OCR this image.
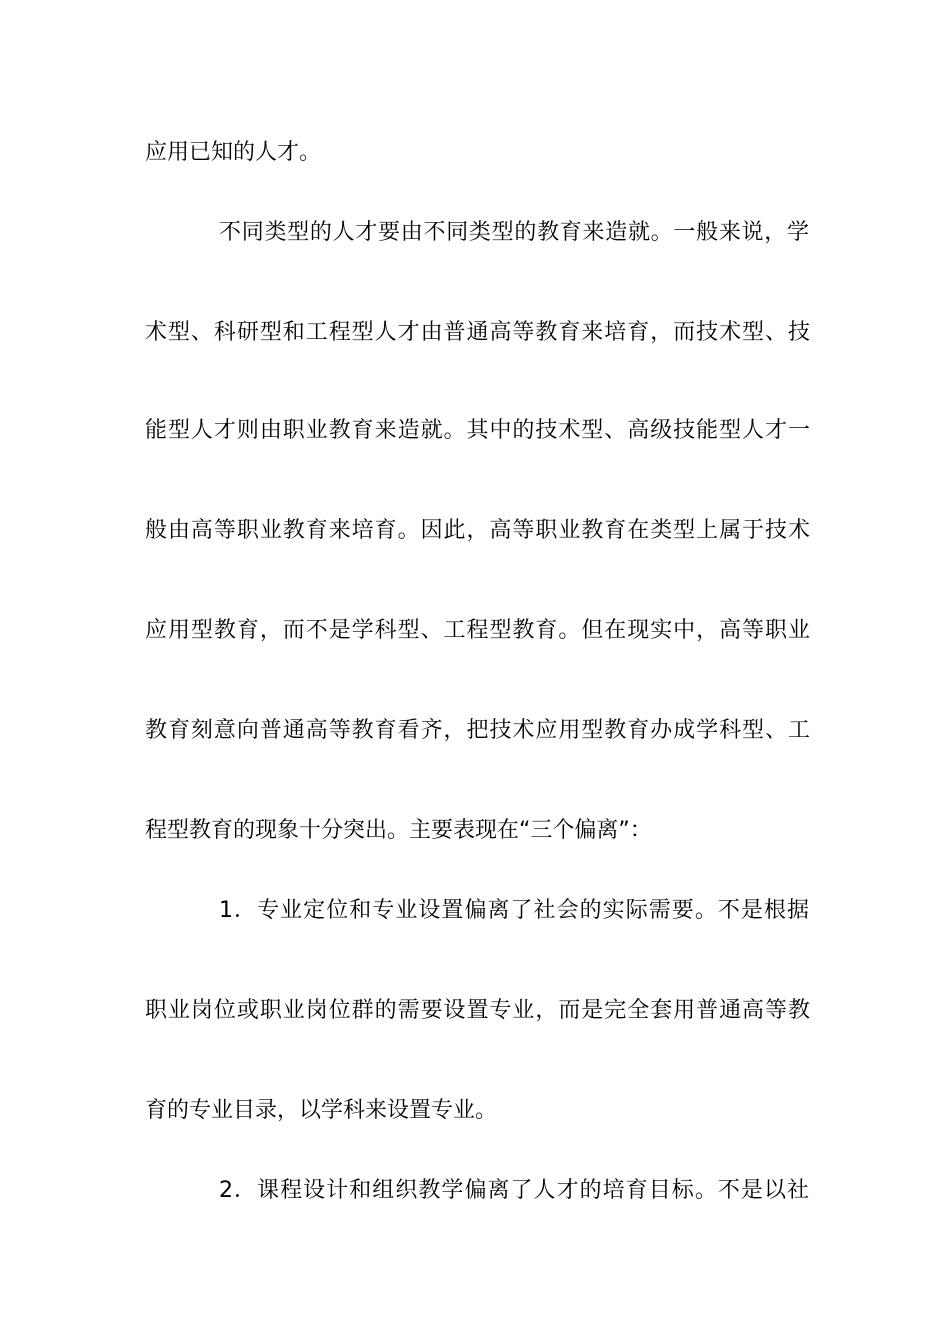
应用已知的人才。
不同类型的人才要由不同类型的教育来造就。一般来说，学
术型、科研型和工程型人才由普通高等教育来培育，而技术型、技
能型人才则由职业教育来造就。其中的技术型、高级技能型人才一
般由高等职业教育来培育。因此，高等职业教育在类型上属于技术
应用型教育，而不是学科型、工程型教育。但在现实中，高等职业
教育刻意向普通高等教育看齐，把技术应用型教育办成学科型、工
程型教育的现象十分突出。主要表现在“三个偏离”：
1．专业定位和专业设置偏离了社会的实际需要。不是根据
职业岗位或职业岗位群的需要设置专业，而是完全套用普通高等教
育的专业目录，以学科来设置专业。
2．课程设计和组织教学偏离了人才的培育目标。不是以社
